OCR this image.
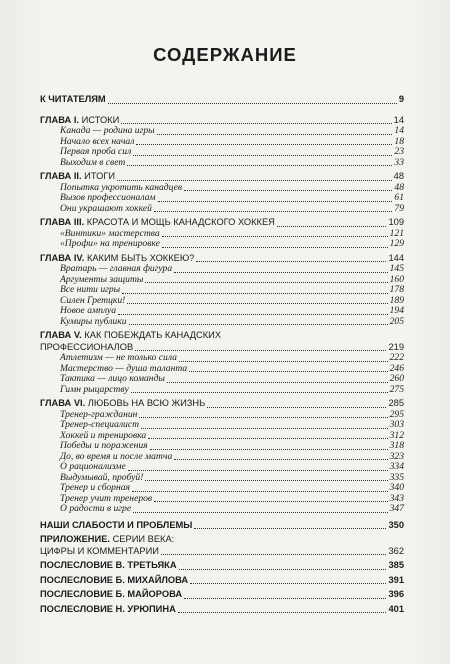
СОДЕРЖАНИЕ
К ЧИТАТЕЛЯМ	9
ГЛАВА I. ИСТОКИ	14
Канада — родина игры	14
Начало всех начал	18
Первая проба сил	23
Выходим в свет	33
ГЛАВА II. ИТОГИ	48
Попытка укротить канадцев	48
Вызов профессионалам	61
Они украшают хоккей	79
ГЛАВА III. КРАСОТА И МОЩЬ КАНАДСКОГО ХОККЕЯ	109
«Винтики» мастерства	121
«Профи» на тренировке	129
ГЛАВА IV. КАКИМ БЫТЬ ХОККЕЮ?	144
Вратарь — главная фигура	145
Аргументы защиты	160
Все нити игры	178
Силен Гретцки!	189
Новое амплуа	194
Кумиры публики	205
ГЛАВА V. КАК ПОБЕЖДАТЬ КАНАДСКИХ
ПРОФЕССИОНАЛОВ	219
Атлетизм — не только сила	222
Мастерство — душа таланта	246
Тактика — лицо команды	260
Гимн рыцарству	275
ГЛАВА VI. ЛЮБОВЬ НА ВСЮ ЖИЗНЬ	285
Тренер-гражданин	295
Тренер-специалист	303
Хоккей и тренировка	312
Победы и поражения	318
До, во время и после матча	323
О рационализме	334
Выдумывай, пробуй!	335
Тренер и сборная	340
Тренер учит тренеров	343
О радости в игре	347
НАШИ СЛАБОСТИ И ПРОБЛЕМЫ	350
ПРИЛОЖЕНИЕ. СЕРИИ ВЕКА:
ЦИФРЫ И КОММЕНТАРИИ	362
ПОСЛЕСЛОВИЕ В. ТРЕТЬЯКА	385
ПОСЛЕСЛОВИЕ Б. МИХАЙЛОВА	391
ПОСЛЕСЛОВИЕ Б. МАЙОРОВА	396
ПОСЛЕСЛОВИЕ Н. УРЮПИНА	401
